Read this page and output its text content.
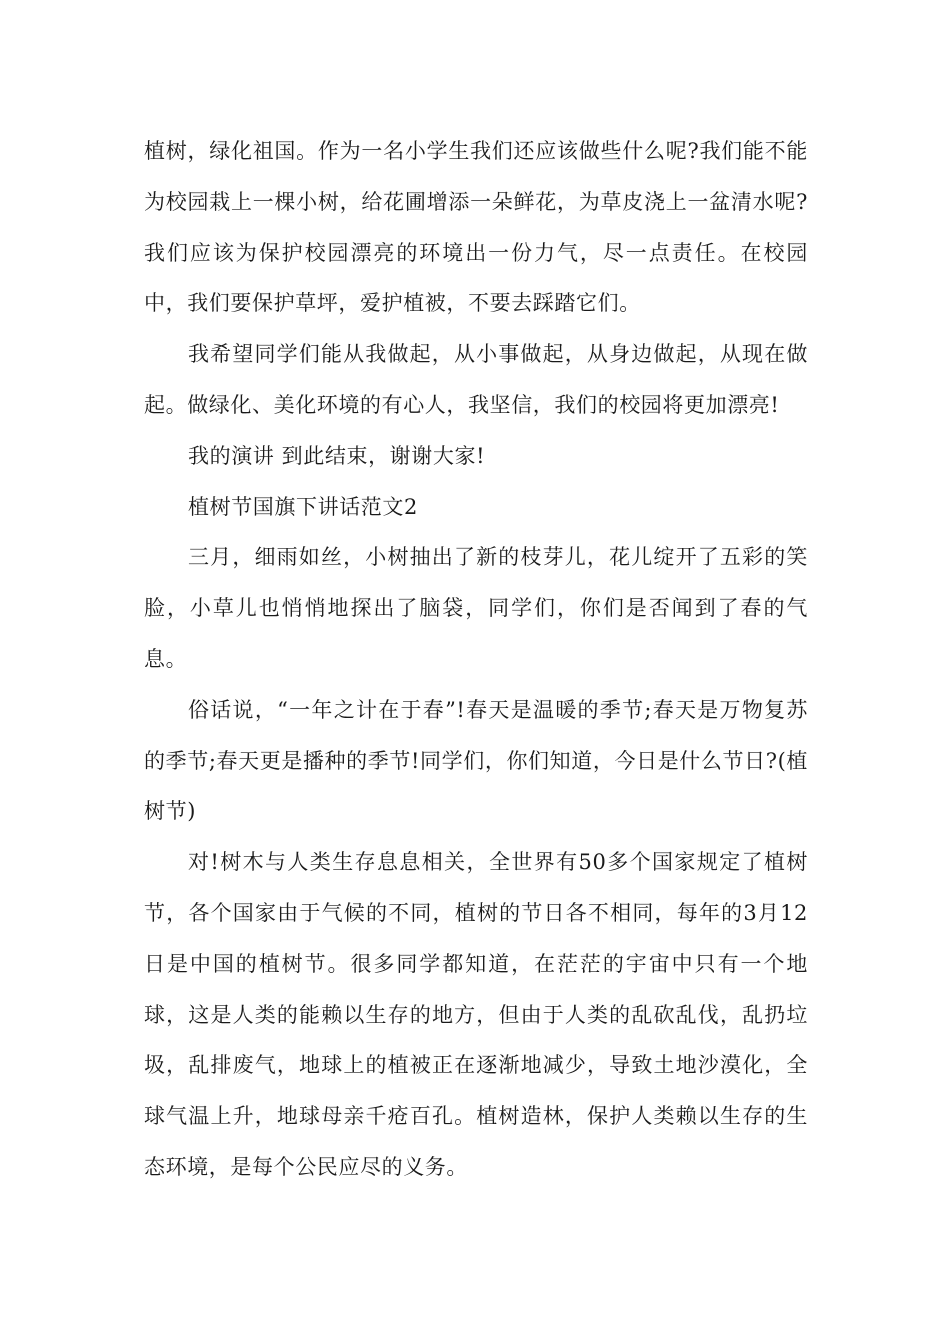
植树，绿化祖国。作为一名小学生我们还应该做些什么呢?我们能不能为校园栽上一棵小树，给花圃增添一朵鲜花，为草皮浇上一盆清水呢?我们应该为保护校园漂亮的环境出一份力气，尽一点责任。在校园中，我们要保护草坪，爱护植被，不要去踩踏它们。

我希望同学们能从我做起，从小事做起，从身边做起，从现在做起。做绿化、美化环境的有心人，我坚信，我们的校园将更加漂亮!

我的演讲 到此结束，谢谢大家!

植树节国旗下讲话范文2

三月，细雨如丝，小树抽出了新的枝芽儿，花儿绽开了五彩的笑脸，小草儿也悄悄地探出了脑袋，同学们，你们是否闻到了春的气息。

俗话说，“一年之计在于春”!春天是温暖的季节;春天是万物复苏的季节;春天更是播种的季节!同学们，你们知道，今日是什么节日?(植树节)

对!树木与人类生存息息相关，全世界有50多个国家规定了植树节，各个国家由于气候的不同，植树的节日各不相同，每年的3月12日是中国的植树节。很多同学都知道，在茫茫的宇宙中只有一个地球，这是人类的能赖以生存的地方，但由于人类的乱砍乱伐，乱扔垃圾，乱排废气，地球上的植被正在逐渐地减少，导致土地沙漠化，全球气温上升，地球母亲千疮百孔。植树造林，保护人类赖以生存的生态环境，是每个公民应尽的义务。
